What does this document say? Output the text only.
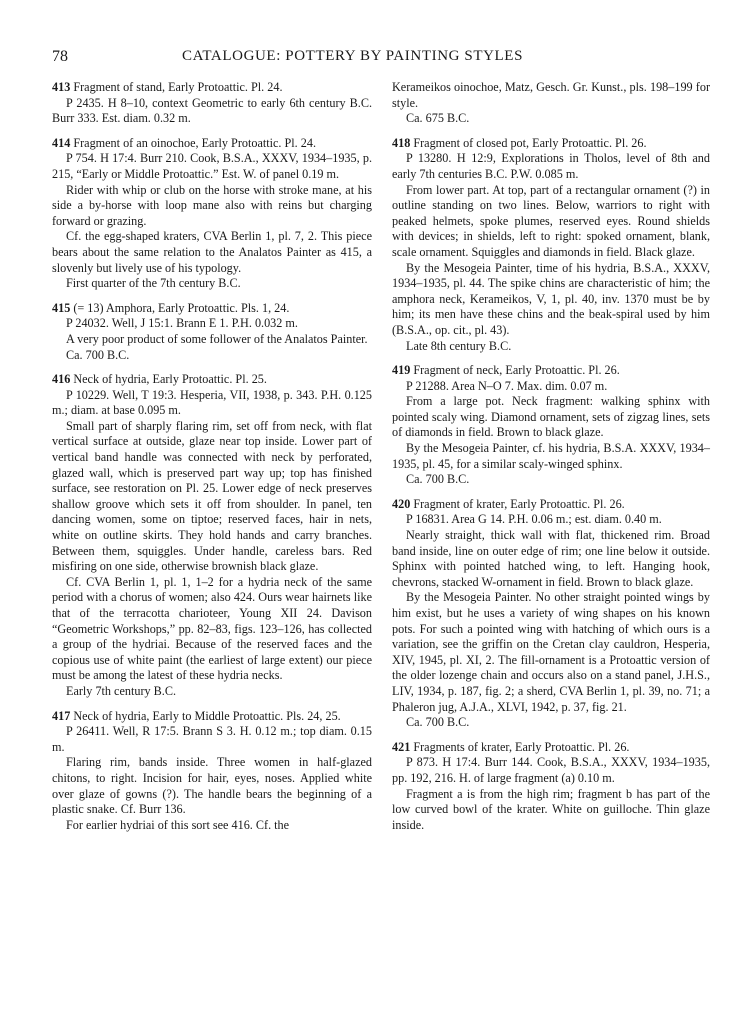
78	CATALOGUE: POTTERY BY PAINTING STYLES

413 Fragment of stand, Early Protoattic. Pl. 24.

P 2435. H 8–10, context Geometric to early 6th century B.C. Burr 333. Est. diam. 0.32 m.

414 Fragment of an oinochoe, Early Protoattic. Pl. 24.

P 754. H 17:4. Burr 210. Cook, B.S.A., XXXV, 1934–1935, p. 215, “Early or Middle Protoattic.” Est. W. of panel 0.19 m.

Rider with whip or club on the horse with stroke mane, at his side a by-horse with loop mane also with reins but charging forward or grazing.

Cf. the egg-shaped kraters, CVA Berlin 1, pl. 7, 2. This piece bears about the same relation to the Analatos Painter as 415, a slovenly but lively use of his typology.

First quarter of the 7th century B.C.

415 (= 13) Amphora, Early Protoattic. Pls. 1, 24.

P 24032. Well, J 15:1. Brann E 1. P.H. 0.032 m.

A very poor product of some follower of the Analatos Painter.

Ca. 700 B.C.

416 Neck of hydria, Early Protoattic. Pl. 25.

P 10229. Well, T 19:3. Hesperia, VII, 1938, p. 343. P.H. 0.125 m.; diam. at base 0.095 m.

Small part of sharply flaring rim, set off from neck, with flat vertical surface at outside, glaze near top inside. Lower part of vertical band handle was connected with neck by perforated, glazed wall, which is preserved part way up; top has finished surface, see restoration on Pl. 25. Lower edge of neck preserves shallow groove which sets it off from shoulder. In panel, ten dancing women, some on tiptoe; reserved faces, hair in nets, white on outline skirts. They hold hands and carry branches. Between them, squiggles. Under handle, careless bars. Red misfiring on one side, otherwise brownish black glaze.

Cf. CVA Berlin 1, pl. 1, 1–2 for a hydria neck of the same period with a chorus of women; also 424. Ours wear hairnets like that of the terracotta charioteer, Young XII 24. Davison “Geometric Workshops,” pp. 82–83, figs. 123–126, has collected a group of the hydriai. Because of the reserved faces and the copious use of white paint (the earliest of large extent) our piece must be among the latest of these hydria necks.

Early 7th century B.C.

417 Neck of hydria, Early to Middle Protoattic. Pls. 24, 25.

P 26411. Well, R 17:5. Brann S 3. H. 0.12 m.; top diam. 0.15 m.

Flaring rim, bands inside. Three women in half-glazed chitons, to right. Incision for hair, eyes, noses. Applied white over glaze of gowns (?). The handle bears the beginning of a plastic snake. Cf. Burr 136.

For earlier hydriai of this sort see 416. Cf. the

Kerameikos oinochoe, Matz, Gesch. Gr. Kunst., pls. 198–199 for style.

Ca. 675 B.C.

418 Fragment of closed pot, Early Protoattic. Pl. 26.

P 13280. H 12:9, Explorations in Tholos, level of 8th and early 7th centuries B.C. P.W. 0.085 m.

From lower part. At top, part of a rectangular ornament (?) in outline standing on two lines. Below, warriors to right with peaked helmets, spoke plumes, reserved eyes. Round shields with devices; in shields, left to right: spoked ornament, blank, scale ornament. Squiggles and diamonds in field. Black glaze.

By the Mesogeia Painter, time of his hydria, B.S.A., XXXV, 1934–1935, pl. 44. The spike chins are characteristic of him; the amphora neck, Kerameikos, V, 1, pl. 40, inv. 1370 must be by him; its men have these chins and the beak-spiral used by him (B.S.A., op. cit., pl. 43).

Late 8th century B.C.

419 Fragment of neck, Early Protoattic. Pl. 26.

P 21288. Area N–O 7. Max. dim. 0.07 m.

From a large pot. Neck fragment: walking sphinx with pointed scaly wing. Diamond ornament, sets of zigzag lines, sets of diamonds in field. Brown to black glaze.

By the Mesogeia Painter, cf. his hydria, B.S.A. XXXV, 1934–1935, pl. 45, for a similar scaly-winged sphinx.

Ca. 700 B.C.

420 Fragment of krater, Early Protoattic. Pl. 26.

P 16831. Area G 14. P.H. 0.06 m.; est. diam. 0.40 m.

Nearly straight, thick wall with flat, thickened rim. Broad band inside, line on outer edge of rim; one line below it outside. Sphinx with pointed hatched wing, to left. Hanging hook, chevrons, stacked W-ornament in field. Brown to black glaze.

By the Mesogeia Painter. No other straight pointed wings by him exist, but he uses a variety of wing shapes on his known pots. For such a pointed wing with hatching of which ours is a variation, see the griffin on the Cretan clay cauldron, Hesperia, XIV, 1945, pl. XI, 2. The fill-ornament is a Protoattic version of the older lozenge chain and occurs also on a stand panel, J.H.S., LIV, 1934, p. 187, fig. 2; a sherd, CVA Berlin 1, pl. 39, no. 71; a Phaleron jug, A.J.A., XLVI, 1942, p. 37, fig. 21.

Ca. 700 B.C.

421 Fragments of krater, Early Protoattic. Pl. 26.

P 873. H 17:4. Burr 144. Cook, B.S.A., XXXV, 1934–1935, pp. 192, 216. H. of large fragment (a) 0.10 m.

Fragment a is from the high rim; fragment b has part of the low curved bowl of the krater. White on guilloche. Thin glaze inside.
